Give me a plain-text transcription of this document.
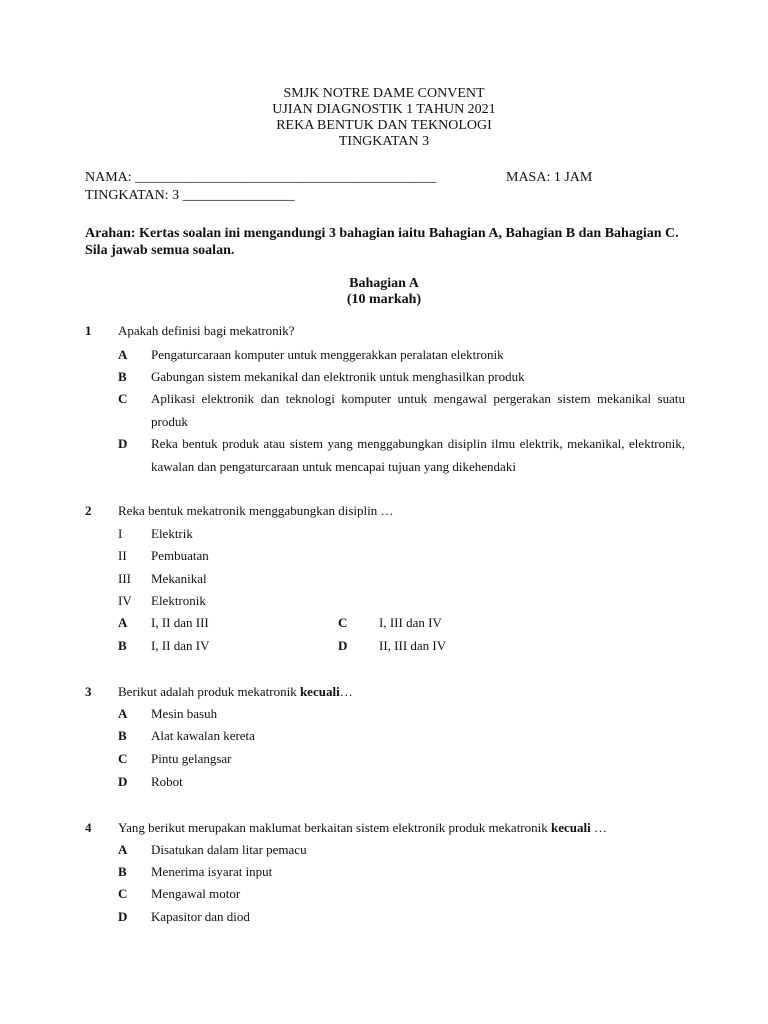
SMJK NOTRE DAME CONVENT
UJIAN DIAGNOSTIK 1 TAHUN 2021
REKA BENTUK DAN TEKNOLOGI
TINGKATAN 3
NAMA: ___________________________________________	MASA: 1 JAM
TINGKATAN: 3 ________________
Arahan: Kertas soalan ini mengandungi 3 bahagian iaitu Bahagian A, Bahagian B dan Bahagian C.
Sila jawab semua soalan.
Bahagian A
(10 markah)
1 Apakah definisi bagi mekatronik?
A Pengaturcaraan komputer untuk menggerakkan peralatan elektronik
B Gabungan sistem mekanikal dan elektronik untuk menghasilkan produk
C Aplikasi elektronik dan teknologi komputer untuk mengawal pergerakan sistem mekanikal suatu
produk
D Reka bentuk produk atau sistem yang menggabungkan disiplin ilmu elektrik, mekanikal, elektronik,
kawalan dan pengaturcaraan untuk mencapai tujuan yang dikehendaki
2 Reka bentuk mekatronik menggabungkan disiplin …
I Elektrik
II Pembuatan
III Mekanikal
IV Elektronik
A I, II dan III	C I, III dan IV
B I, II dan IV	D II, III dan IV
3 Berikut adalah produk mekatronik kecuali…
A Mesin basuh
B Alat kawalan kereta
C Pintu gelangsar
D Robot
4 Yang berikut merupakan maklumat berkaitan sistem elektronik produk mekatronik kecuali …
A Disatukan dalam litar pemacu
B Menerima isyarat input
C Mengawal motor
D Kapasitor dan diod
